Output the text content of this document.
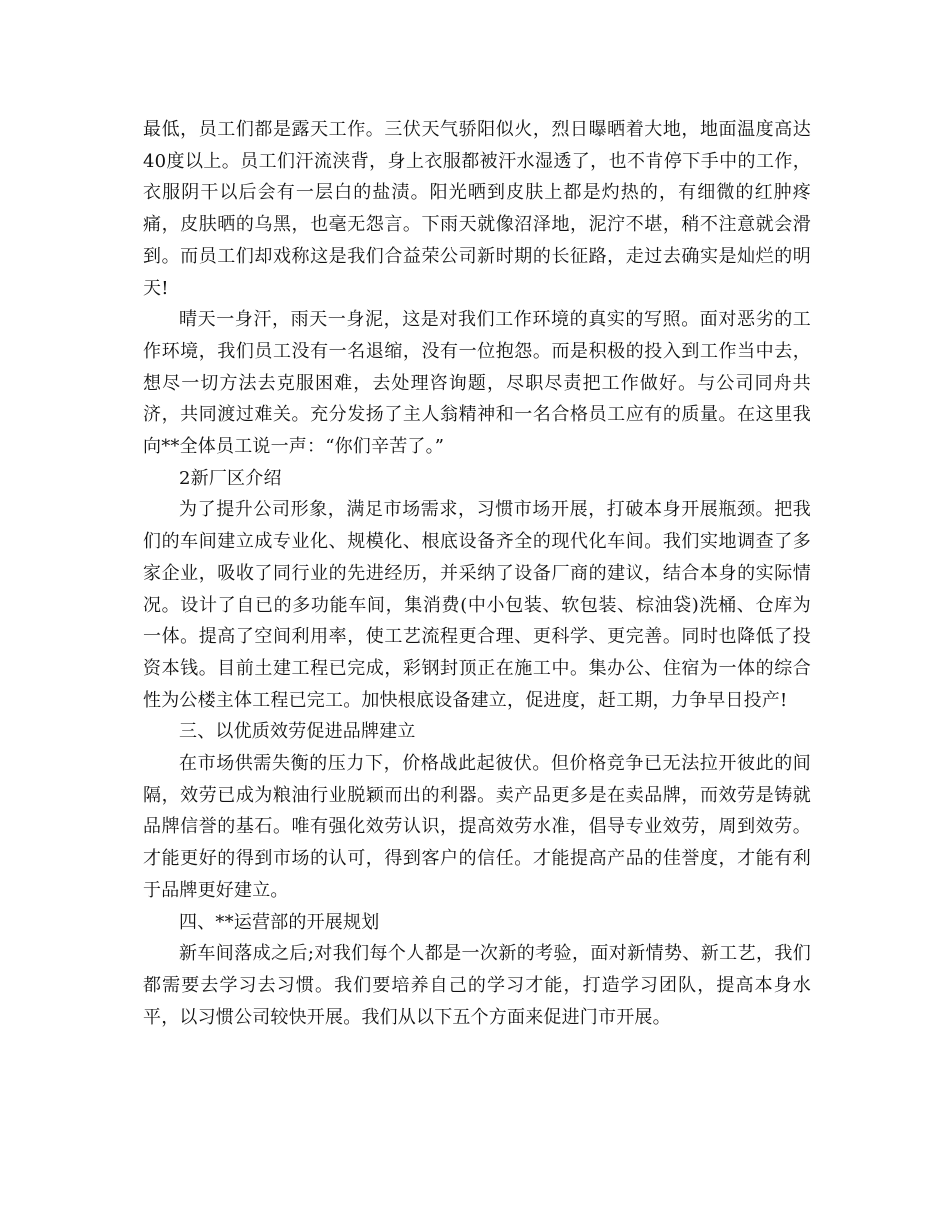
最低，员工们都是露天工作。三伏天气骄阳似火，烈日曝晒着大地，地面温度高达40度以上。员工们汗流浃背，身上衣服都被汗水湿透了，也不肯停下手中的工作，衣服阴干以后会有一层白的盐渍。阳光晒到皮肤上都是灼热的，有细微的红肿疼痛，皮肤晒的乌黑，也毫无怨言。下雨天就像沼泽地，泥泞不堪，稍不注意就会滑到。而员工们却戏称这是我们合益荣公司新时期的长征路，走过去确实是灿烂的明天!

晴天一身汗，雨天一身泥，这是对我们工作环境的真实的写照。面对恶劣的工作环境，我们员工没有一名退缩，没有一位抱怨。而是积极的投入到工作当中去，想尽一切方法去克服困难，去处理咨询题，尽职尽责把工作做好。与公司同舟共济，共同渡过难关。充分发扬了主人翁精神和一名合格员工应有的质量。在这里我向**全体员工说一声：“你们辛苦了。”

2新厂区介绍

为了提升公司形象，满足市场需求，习惯市场开展，打破本身开展瓶颈。把我们的车间建立成专业化、规模化、根底设备齐全的现代化车间。我们实地调查了多家企业，吸收了同行业的先进经历，并采纳了设备厂商的建议，结合本身的实际情况。设计了自已的多功能车间，集消费(中小包装、软包装、棕油袋)洗桶、仓库为一体。提高了空间利用率，使工艺流程更合理、更科学、更完善。同时也降低了投资本钱。目前土建工程已完成，彩钢封顶正在施工中。集办公、住宿为一体的综合性为公楼主体工程已完工。加快根底设备建立，促进度，赶工期，力争早日投产!

三、以优质效劳促进品牌建立

在市场供需失衡的压力下，价格战此起彼伏。但价格竞争已无法拉开彼此的间隔，效劳已成为粮油行业脱颖而出的利器。卖产品更多是在卖品牌，而效劳是铸就品牌信誉的基石。唯有强化效劳认识，提高效劳水准，倡导专业效劳，周到效劳。才能更好的得到市场的认可，得到客户的信任。才能提高产品的佳誉度，才能有利于品牌更好建立。

四、**运营部的开展规划

新车间落成之后;对我们每个人都是一次新的考验，面对新情势、新工艺，我们都需要去学习去习惯。我们要培养自己的学习才能，打造学习团队，提高本身水平，以习惯公司较快开展。我们从以下五个方面来促进门市开展。
